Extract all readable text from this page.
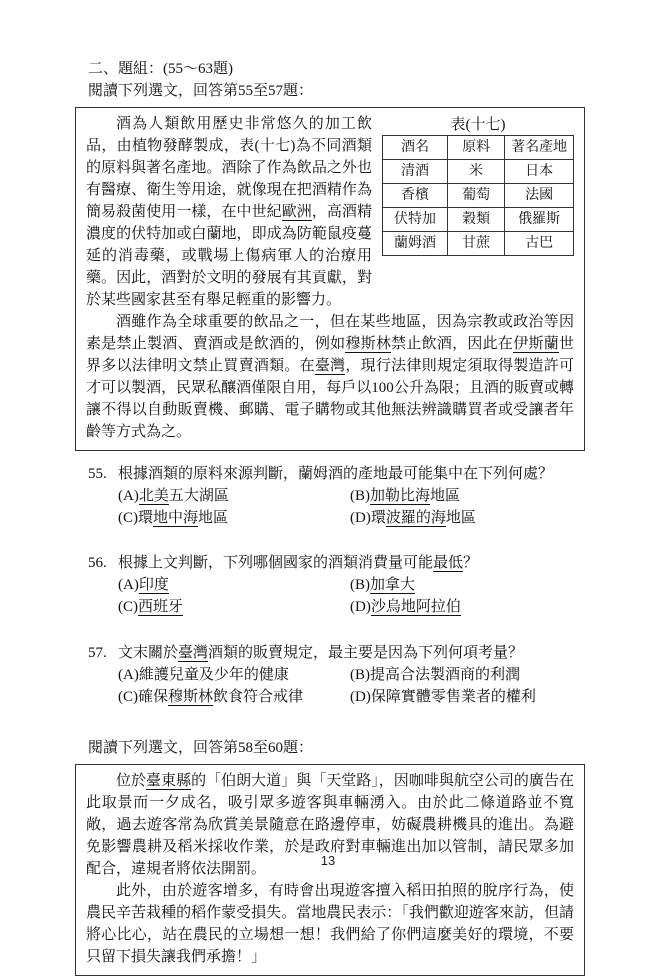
二、題組：(55～63題)
閱讀下列選文，回答第55至57題：
表(十七)
酒名	原料	著名產地
清酒	米	日本
香檳	葡萄	法國
伏特加	穀類	俄羅斯
蘭姆酒	甘蔗	古巴

酒為人類飲用歷史非常悠久的加工飲品，由植物發酵製成，表(十七)為不同酒類的原料與著名產地。酒除了作為飲品之外也有醫療、衛生等用途，就像現在把酒精作為簡易殺菌使用一樣，在中世紀歐洲，高酒精濃度的伏特加或白蘭地，即成為防範鼠疫蔓延的消毒藥，或戰場上傷病軍人的治療用藥。因此，酒對於文明的發展有其貢獻，對於某些國家甚至有舉足輕重的影響力。

酒雖作為全球重要的飲品之一，但在某些地區，因為宗教或政治等因素是禁止製酒、賣酒或是飲酒的，例如穆斯林禁止飲酒，因此在伊斯蘭世界多以法律明文禁止買賣酒類。在臺灣，現行法律則規定須取得製造許可才可以製酒，民眾私釀酒僅限自用，每戶以100公升為限；且酒的販賣或轉讓不得以自動販賣機、郵購、電子購物或其他無法辨識購買者或受讓者年齡等方式為之。

55. 根據酒類的原料來源判斷，蘭姆酒的產地最可能集中在下列何處？
(A)北美五大湖區	(B)加勒比海地區
(C)環地中海地區	(D)環波羅的海地區
56. 根據上文判斷，下列哪個國家的酒類消費量可能最低？
(A)印度	(B)加拿大
(C)西班牙	(D)沙烏地阿拉伯
57. 文末關於臺灣酒類的販賣規定，最主要是因為下列何項考量？
(A)維護兒童及少年的健康	(B)提高合法製酒商的利潤
(C)確保穆斯林飲食符合戒律	(D)保障實體零售業者的權利
閱讀下列選文，回答第58至60題：

位於臺東縣的「伯朗大道」與「天堂路」，因咖啡與航空公司的廣告在此取景而一夕成名，吸引眾多遊客與車輛湧入。由於此二條道路並不寬敞，過去遊客常為欣賞美景隨意在路邊停車，妨礙農耕機具的進出。為避免影響農耕及稻米採收作業，於是政府對車輛進出加以管制，請民眾多加配合，違規者將依法開罰。

此外，由於遊客增多，有時會出現遊客擅入稻田拍照的脫序行為，使農民辛苦栽種的稻作蒙受損失。當地農民表示：「我們歡迎遊客來訪，但請將心比心，站在農民的立場想一想！我們給了你們這麼美好的環境，不要只留下損失讓我們承擔！」

13
